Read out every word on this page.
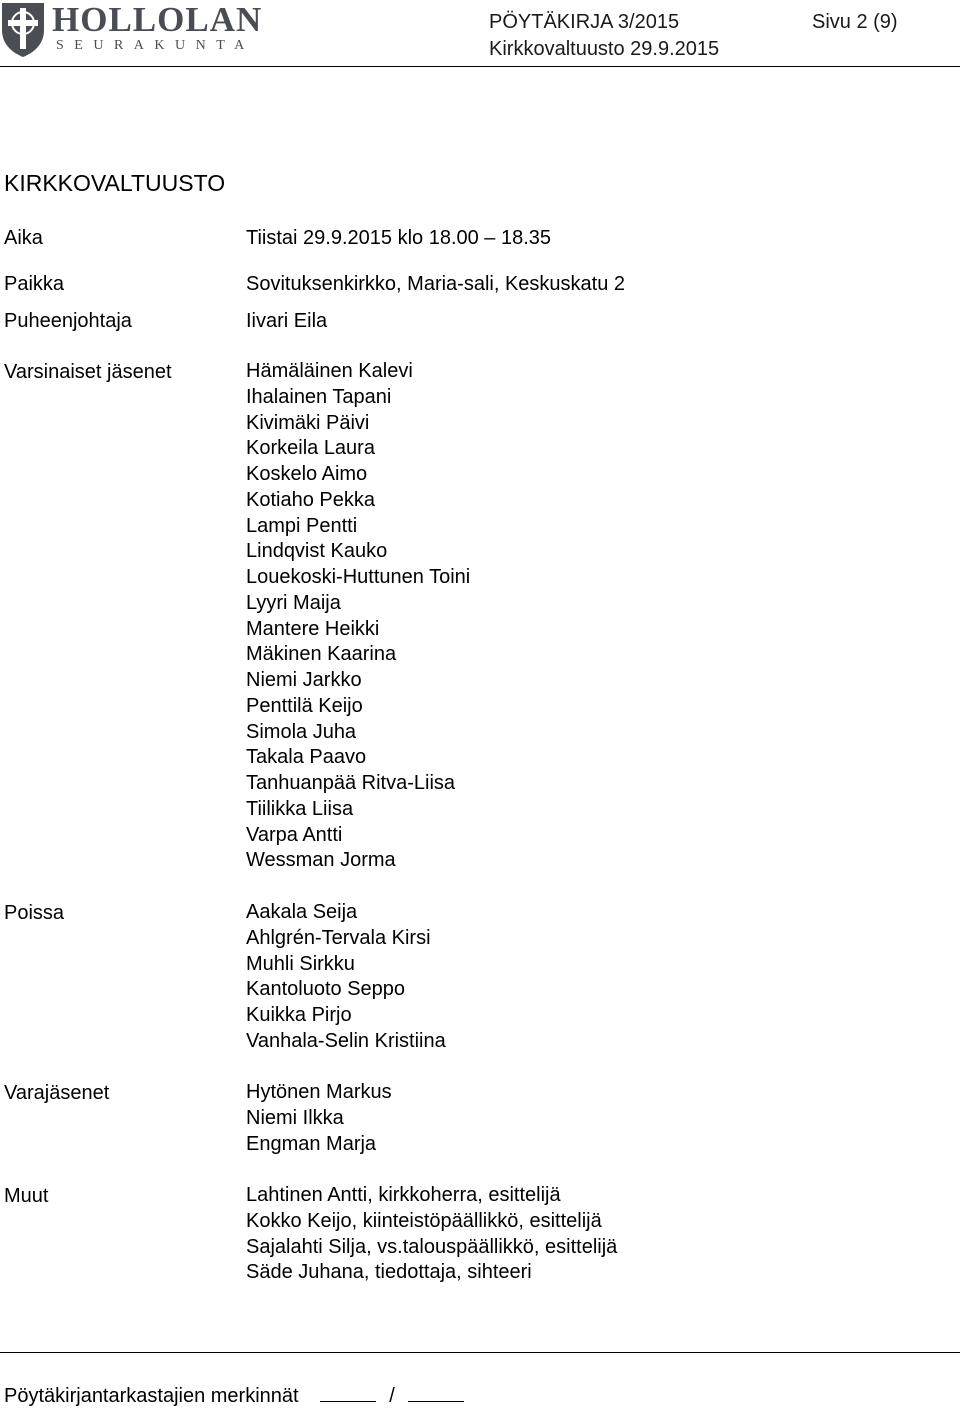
HOLLOLAN
SEURAKUNTA
PÖYTÄKIRJA 3/2015	Sivu 2 (9)
Kirkkovaltuusto 29.9.2015
KIRKKOVALTUUSTO
Aika	Tiistai 29.9.2015 klo 18.00 – 18.35
Paikka	Sovituksenkirkko, Maria-sali, Keskuskatu 2
Puheenjohtaja	Iivari Eila
Varsinaiset jäsenet	Hämäläinen Kalevi
Ihalainen Tapani
Kivimäki Päivi
Korkeila Laura
Koskelo Aimo
Kotiaho Pekka
Lampi Pentti
Lindqvist Kauko
Louekoski-Huttunen Toini
Lyyri Maija
Mantere Heikki
Mäkinen Kaarina
Niemi Jarkko
Penttilä Keijo
Simola Juha
Takala Paavo
Tanhuanpää Ritva-Liisa
Tiilikka Liisa
Varpa Antti
Wessman Jorma
Poissa	Aakala Seija
Ahlgrén-Tervala Kirsi
Muhli Sirkku
Kantoluoto Seppo
Kuikka Pirjo
Vanhala-Selin Kristiina
Varajäsenet	Hytönen Markus
Niemi Ilkka
Engman Marja
Muut	Lahtinen Antti, kirkkoherra, esittelijä
Kokko Keijo, kiinteistöpäällikkö, esittelijä
Sajalahti Silja, vs.talouspäällikkö, esittelijä
Säde Juhana, tiedottaja, sihteeri
Pöytäkirjantarkastajien merkinnät	/
